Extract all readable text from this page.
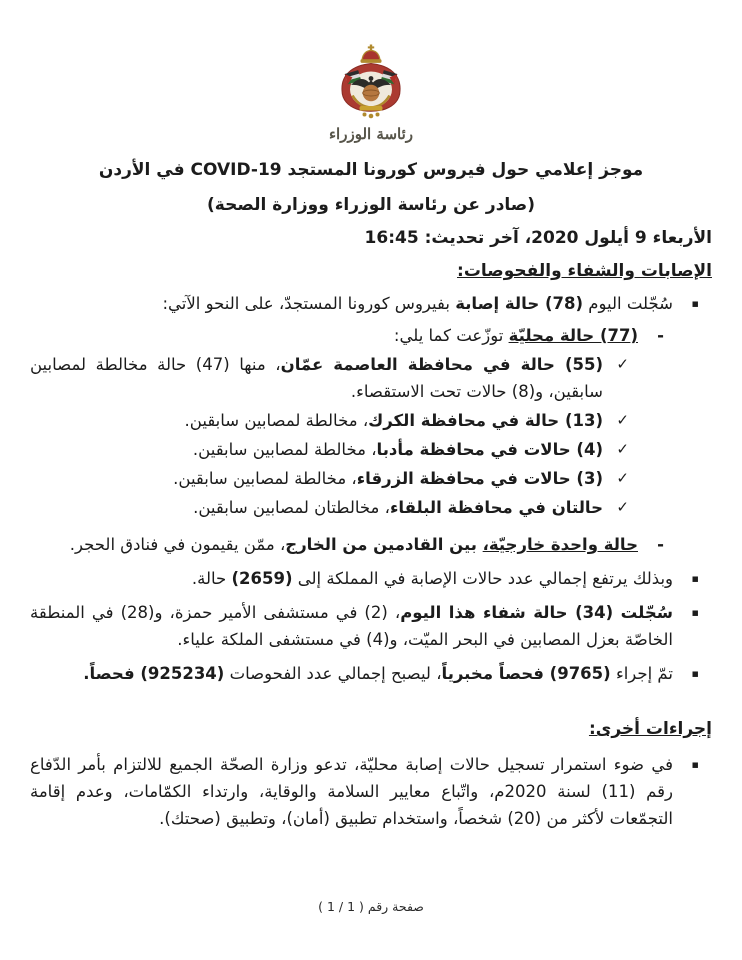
رئاسة الوزراء
موجز إعلامي حول فيروس كورونا المستجد COVID-19 في الأردن
(صادر عن رئاسة الوزراء ووزارة الصحة)
الأربعاء 9 أيلول 2020، آخر تحديث: 16:45
الإصابات والشفاء والفحوصات:
▪
سُجّلت اليوم (78) حالة إصابة بفيروس كورونا المستجدّ، على النحو الآتي:
-
(77) حالة محليّة توزّعت كما يلي:
✓
(55) حالة في محافظة العاصمة عمّان، منها (47) حالة مخالطة لمصابين سابقين، و(8) حالات تحت الاستقصاء.
✓
(13) حالة في محافظة الكرك، مخالطة لمصابين سابقين.
✓
(4) حالات في محافظة مأدبا، مخالطة لمصابين سابقين.
✓
(3) حالات في محافظة الزرقاء، مخالطة لمصابين سابقين.
✓
حالتان في محافظة البلقاء، مخالطتان لمصابين سابقين.
-
حالة واحدة خارجيّة، بين القادمين من الخارج، ممّن يقيمون في فنادق الحجر.
▪
وبذلك يرتفع إجمالي عدد حالات الإصابة في المملكة إلى (2659) حالة.
▪
سُجّلت (34) حالة شفاء هذا اليوم، (2) في مستشفى الأمير حمزة، و(28) في المنطقة الخاصّة بعزل المصابين في البحر الميّت، و(4) في مستشفى الملكة علياء.
▪
تمّ إجراء (9765) فحصاً مخبرياً، ليصبح إجمالي عدد الفحوصات (925234) فحصاً.
إجراءات أخرى:
▪
في ضوء استمرار تسجيل حالات إصابة محليّة، تدعو وزارة الصحّة الجميع للالتزام بأمر الدّفاع رقم (11) لسنة 2020م، واتّباع معايير السلامة والوقاية، وارتداء الكمّامات، وعدم إقامة التجمّعات لأكثر من (20) شخصاً، واستخدام تطبيق (أمان)، وتطبيق (صحتك).
صفحة رقم ( 1 / 1 )
